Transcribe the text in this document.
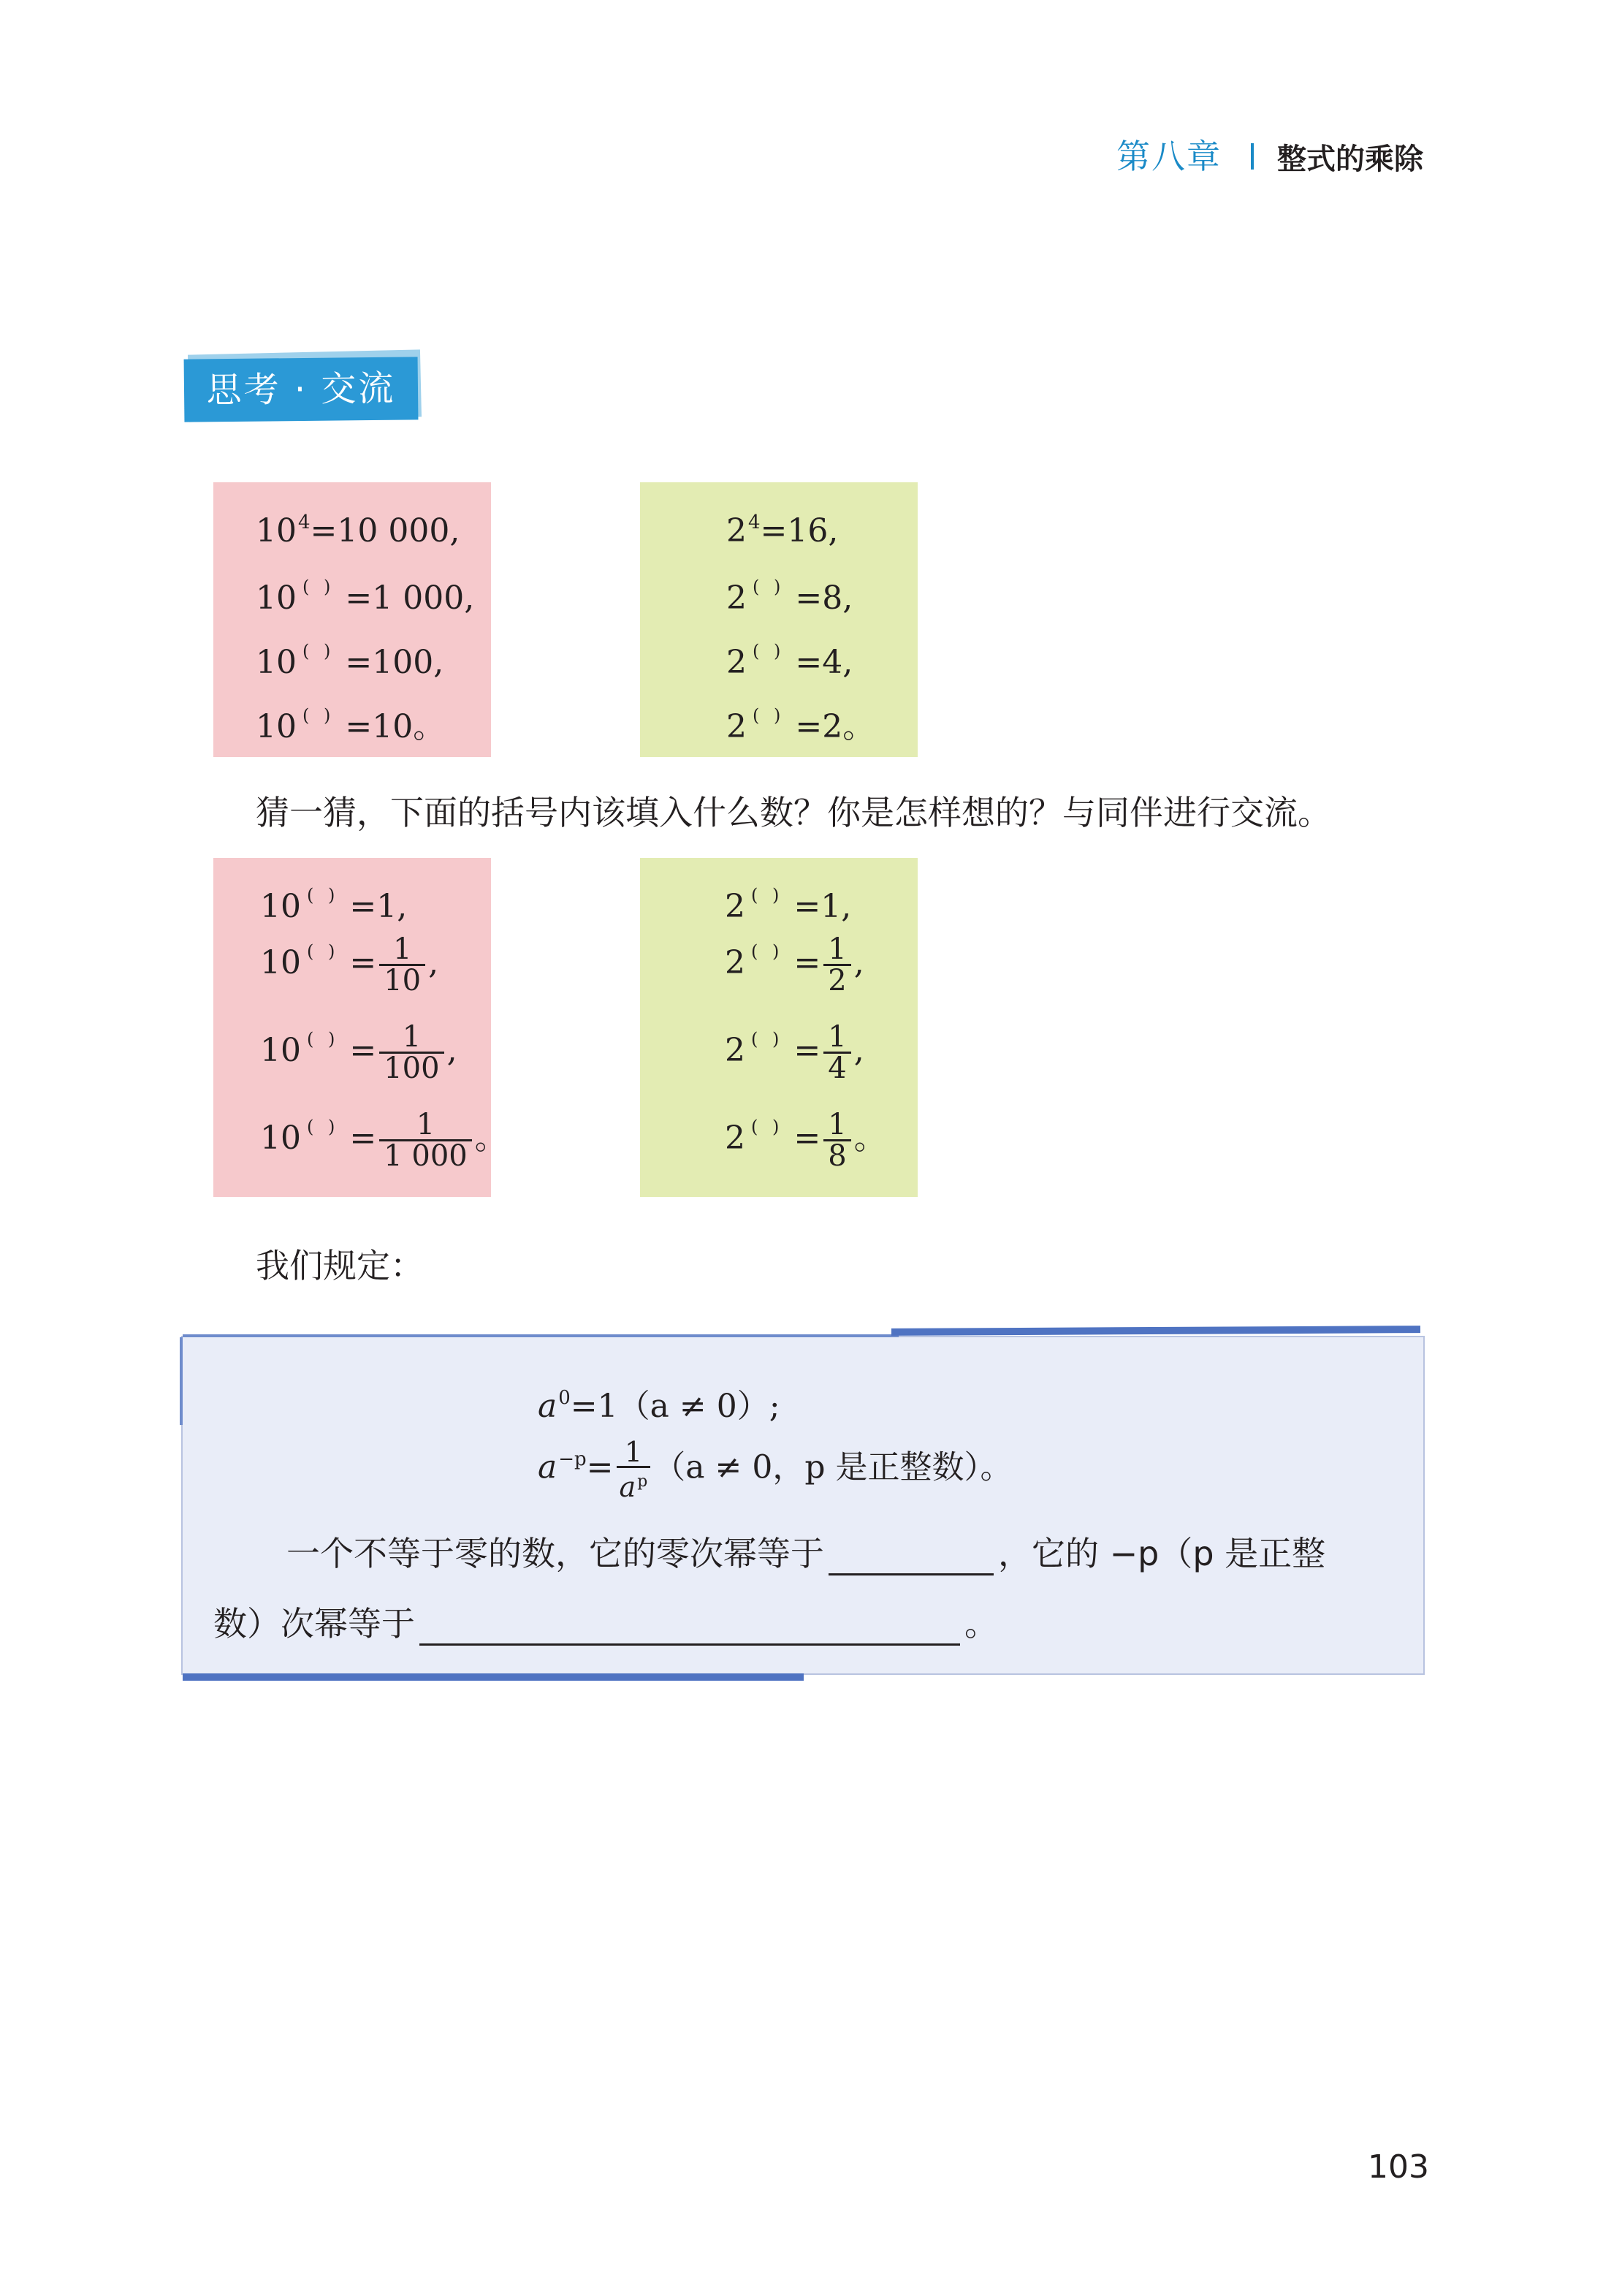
第八章 整式的乘除
思考 · 交流
$10^4=10$ 000,
10 ( ) =1 000,
10 ( ) =100,
10 ( ) =10。
$2^4=16$,
2 ( ) =8,
2 ( ) =4,
2 ( ) =2。
猜一猜，下面的括号内该填入什么数？你是怎样想的？与同伴进行交流。
10 ( ) =1,
10 $^{( )} = \frac{1}{10}$ ,
10 $^{( )} = \frac{1}{100}$ ,
10 $^{( )} = \frac{1}{1 000}$ 。
2 ( ) =1,
2 $^{( )} = \frac{1}{2}$ ,
2 $^{( )} = \frac{1}{4}$ ,
2 $^{( )} = \frac{1}{8}$ 。
我们规定：
$a^0=1(a \ne 0)$;
$a^{-p}= \frac{1}{a^p} (a \ne 0$，p 是正整数）。
一个不等于零的数，它的零次幂等于	，它的 −p（p 是正整
数）次幂等于	。
103
